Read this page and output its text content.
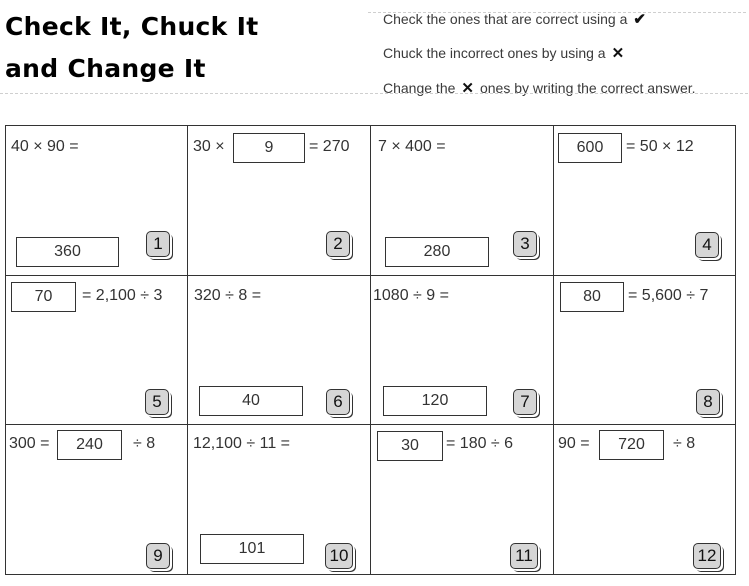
Check It, Chuck It
and Change It
Check the ones that are correct using a ✔
Chuck the incorrect ones by using a ✕
Change the ✕ ones by writing the correct answer.
40 × 90 =
360	1
30 ×	9	= 270
2
7 × 400 =
280	3
600	= 50 × 12
4
70	= 2,100 ÷ 3
5
320 ÷ 8 =
40	6
1080 ÷ 9 =
120	7
80	= 5,600 ÷ 7
8
300 =	240	÷ 8
9
12,100 ÷ 11 =
101	10
30	= 180 ÷ 6
11
90 =	720	÷ 8
12
